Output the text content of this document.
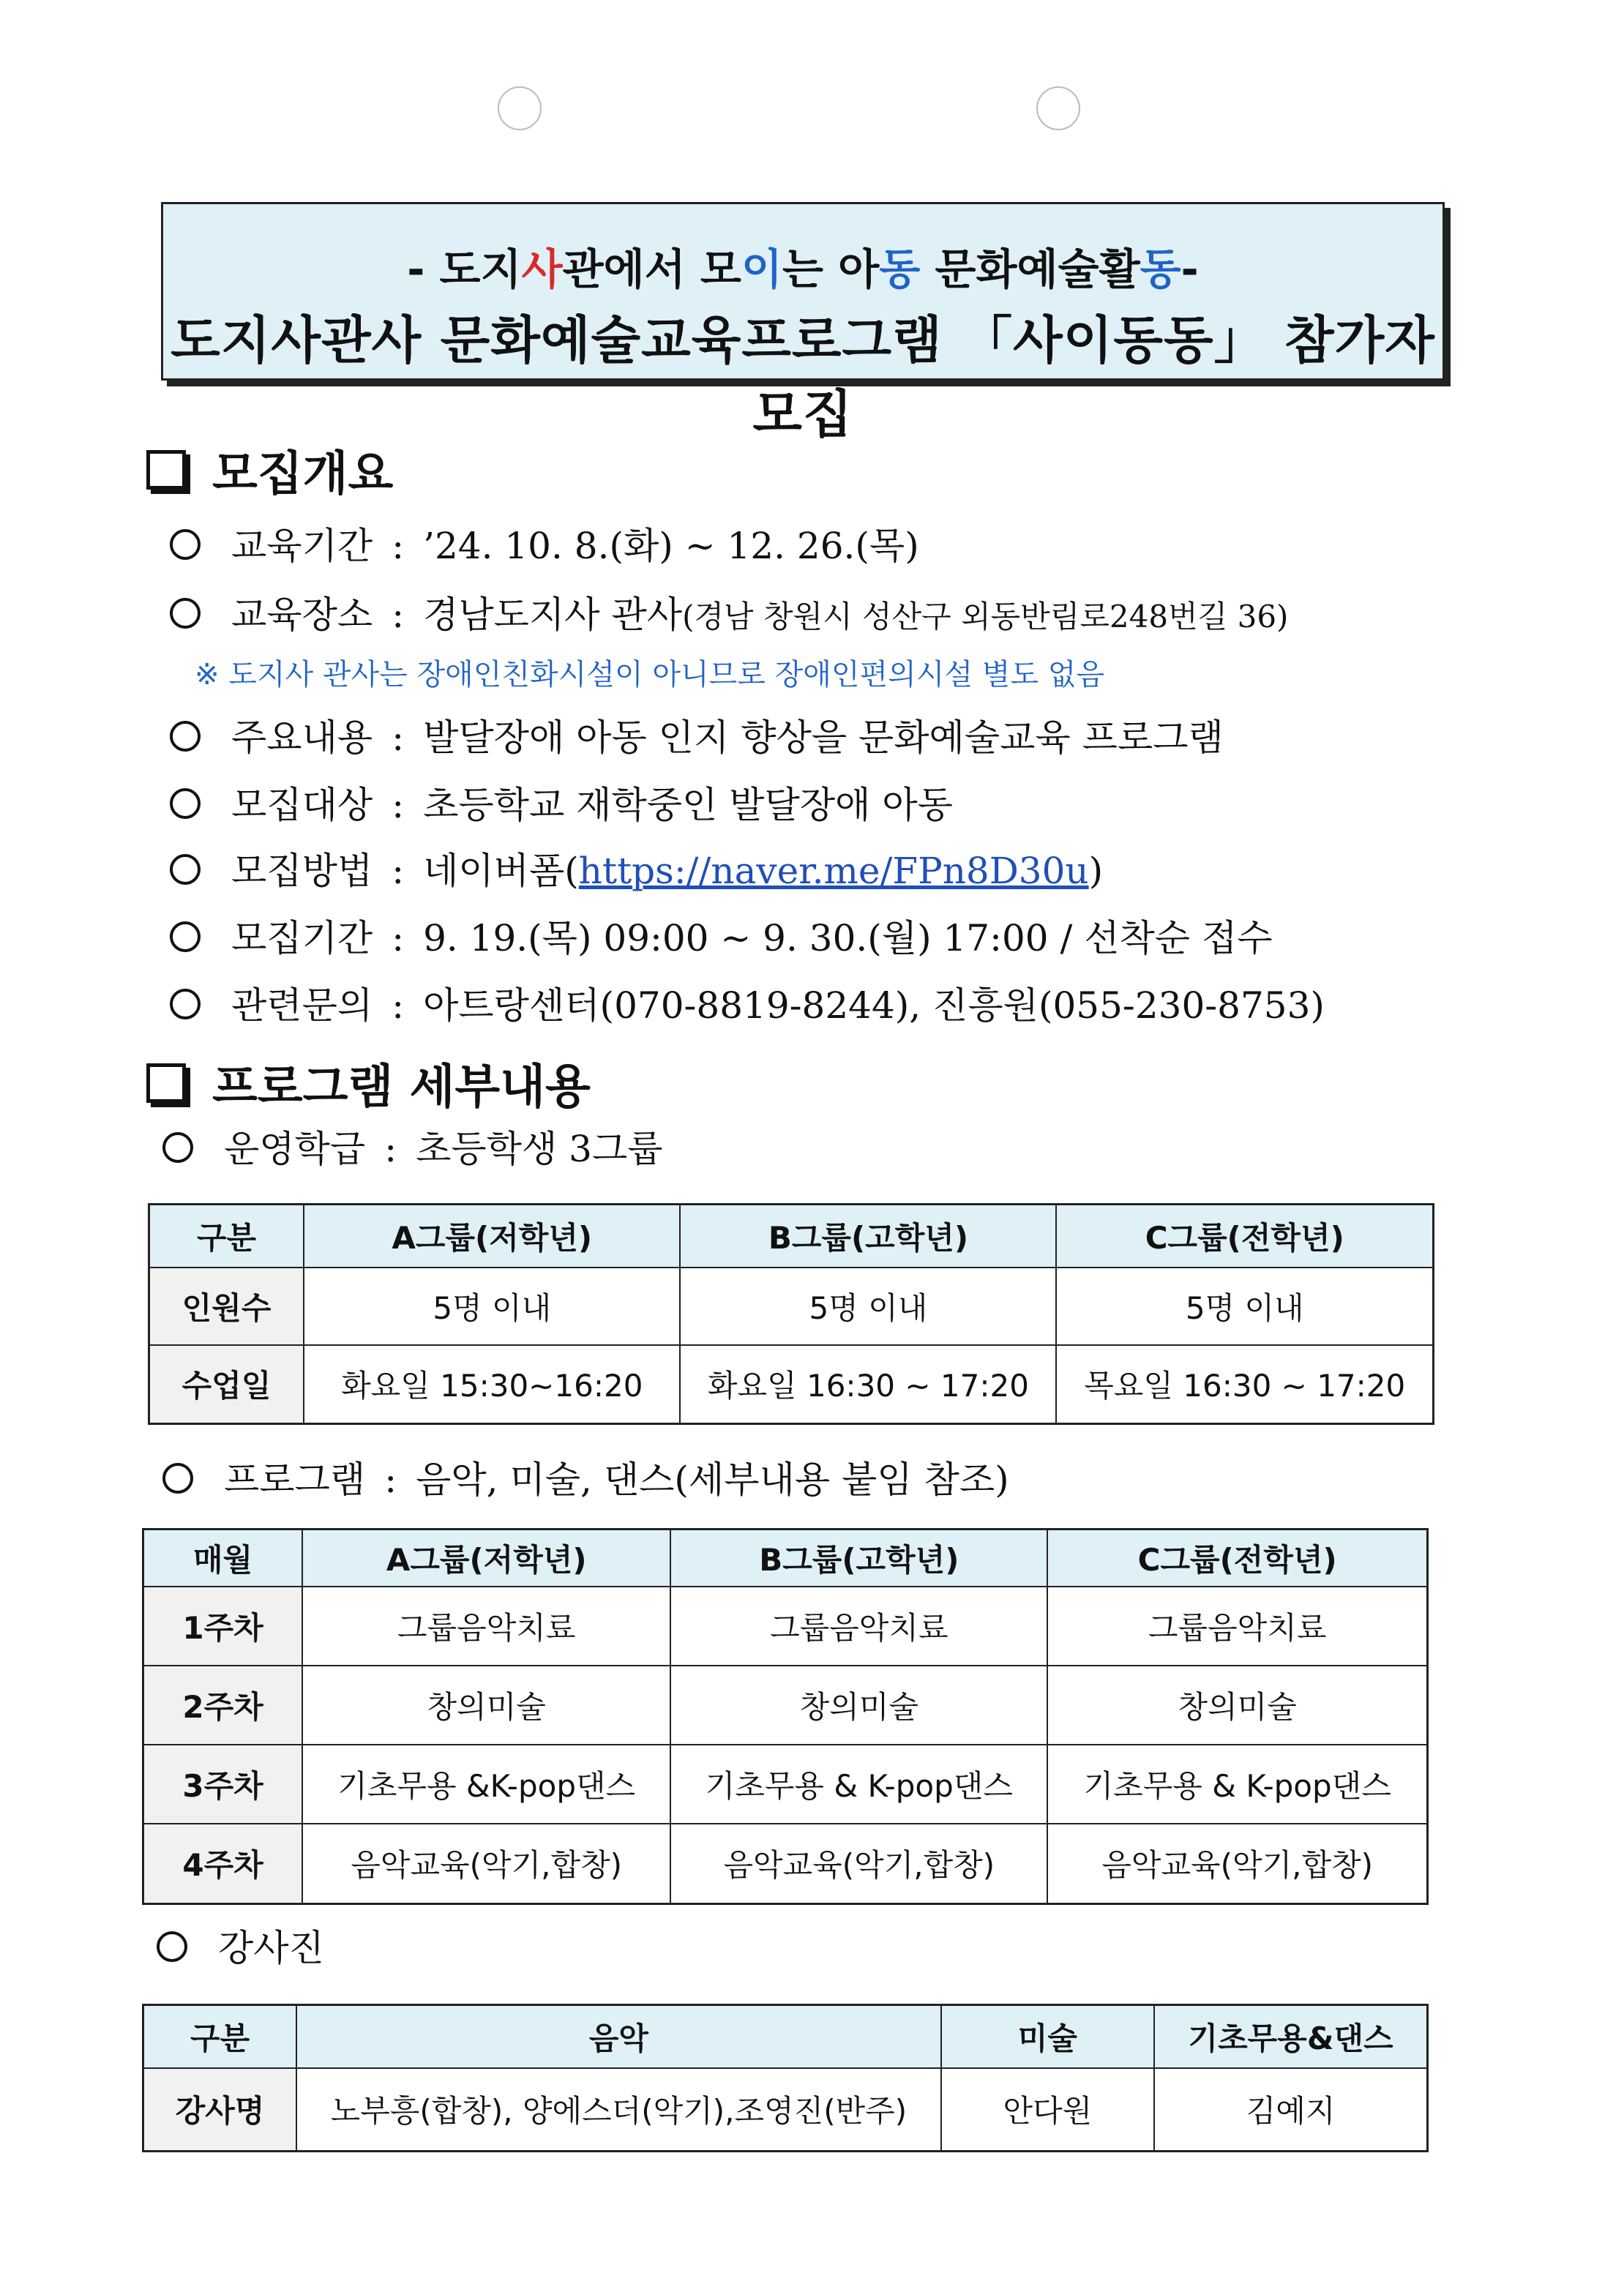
- 도지사관에서 모이는 아동 문화예술활동-
도지사관사 문화예술교육프로그램 「사이동동」 참가자 모집
모집개요
교육기간 : ’24. 10. 8.(화) ~ 12. 26.(목)
교육장소 : 경남도지사 관사 (경남 창원시 성산구 외동반림로248번길 36)
※ 도지사 관사는 장애인친화시설이 아니므로 장애인편의시설 별도 없음
주요내용 : 발달장애 아동 인지 향상을 문화예술교육 프로그램
모집대상 : 초등학교 재학중인 발달장애 아동
모집방법 : 네이버폼( https://naver.me/FPn8D30u )
모집기간 : 9. 19.(목) 09:00 ~ 9. 30.(월) 17:00 / 선착순 접수
관련문의 : 아트랑센터(070-8819-8244), 진흥원(055-230-8753)
프로그램 세부내용
운영학급 : 초등학생 3그룹
구분	A그룹(저학년)	B그룹(고학년)	C그룹(전학년)
인원수	5명 이내	5명 이내	5명 이내
수업일	화요일 15:30~16:20	화요일 16:30 ~ 17:20	목요일 16:30 ~ 17:20
프로그램 : 음악, 미술, 댄스(세부내용 붙임 참조)
매월	A그룹(저학년)	B그룹(고학년)	C그룹(전학년)
1주차	그룹음악치료	그룹음악치료	그룹음악치료
2주차	창의미술	창의미술	창의미술
3주차	기초무용 &K-pop댄스	기초무용 & K-pop댄스	기초무용 & K-pop댄스
4주차	음악교육(악기,합창)	음악교육(악기,합창)	음악교육(악기,합창)
강사진
구분	음악	미술	기초무용&댄스
강사명	노부흥(합창), 양에스더(악기),조영진(반주)	안다원	김예지
